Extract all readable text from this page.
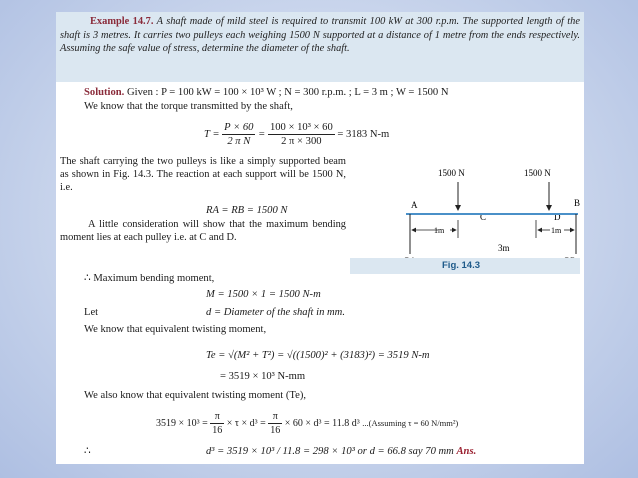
Example 14.7. A shaft made of mild steel is required to transmit 100 kW at 300 r.p.m. The supported length of the shaft is 3 metres. It carries two pulleys each weighing 1500 N supported at a distance of 1 metre from the ends respectively. Assuming the safe value of stress, determine the diameter of the shaft.
Solution. Given : P = 100 kW = 100 × 10³ W ; N = 300 r.p.m. ; L = 3 m ; W = 1500 N
We know that the torque transmitted by the shaft,
$T = \frac{P \times 60}{\text{2 π N}} = \frac{\text{100 × 10³ × 60}}{2 \pi \times 300} = 3183$ N-m
The shaft carrying the two pulleys is like a simply supported beam as shown in Fig. 14.3. The reaction at each support will be 1500 N, i.e.
RA = RB = 1500 N
A little consideration will show that the maximum bending moment lies at each pulley i.e. at C and D.
∴ Maximum bending moment,
M = 1500 × 1 = 1500 N-m
Let	d = Diameter of the shaft in mm.
We know that equivalent twisting moment,
Te = √(M² + T²) = √((1500)² + (3183)²) = 3519 N-m
= 3519 × 10³ N-mm
We also know that equivalent twisting moment (Te),
$3519 \times 10^3 = \frac{\pi}{16} \times \tau \times d^3 = \frac{\pi}{16} \times 60 \times d^3 = 11.8$ d³ ...(Assuming τ = 60 N/mm²)
∴	d³ = 3519 × 10³ / 11.8 = 298 × 10³ or d = 66.8 say 70 mm Ans.
1500 N	1500 N
A	B
C	D
1m	1m
3m
Fig. 14.3
